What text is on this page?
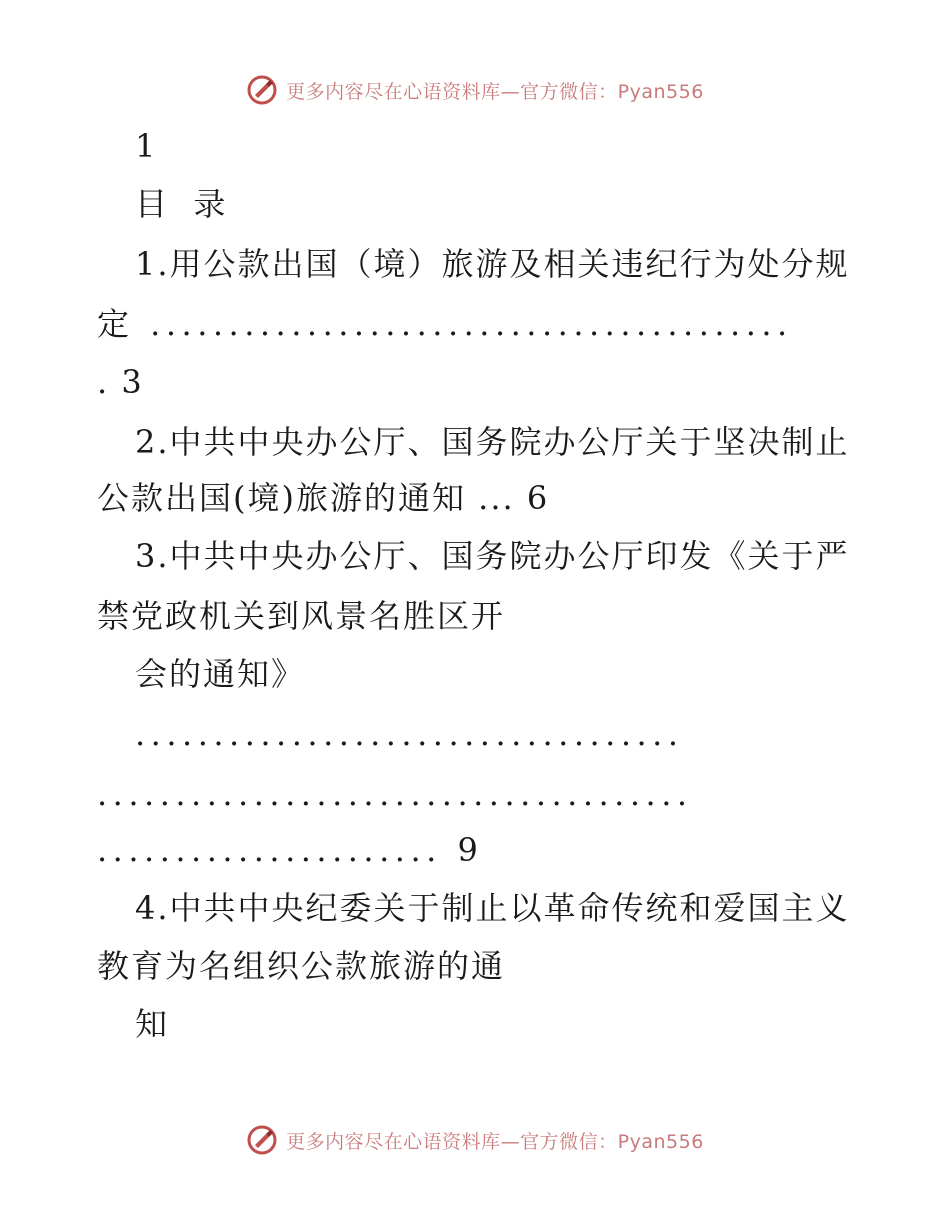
更多内容尽在心语资料库—官方微信：Pyan556
1
目  录
1.用公款出国（境）旅游及相关违纪行为处分规
定 .........................................
. 3
2.中共中央办公厅、国务院办公厅关于坚决制止
公款出国(境)旅游的通知 ... 6
3.中共中央办公厅、国务院办公厅印发《关于严
禁党政机关到风景名胜区开
会的通知》
...................................
......................................
...................... 9
4.中共中央纪委关于制止以革命传统和爱国主义
教育为名组织公款旅游的通
知
更多内容尽在心语资料库—官方微信：Pyan556
